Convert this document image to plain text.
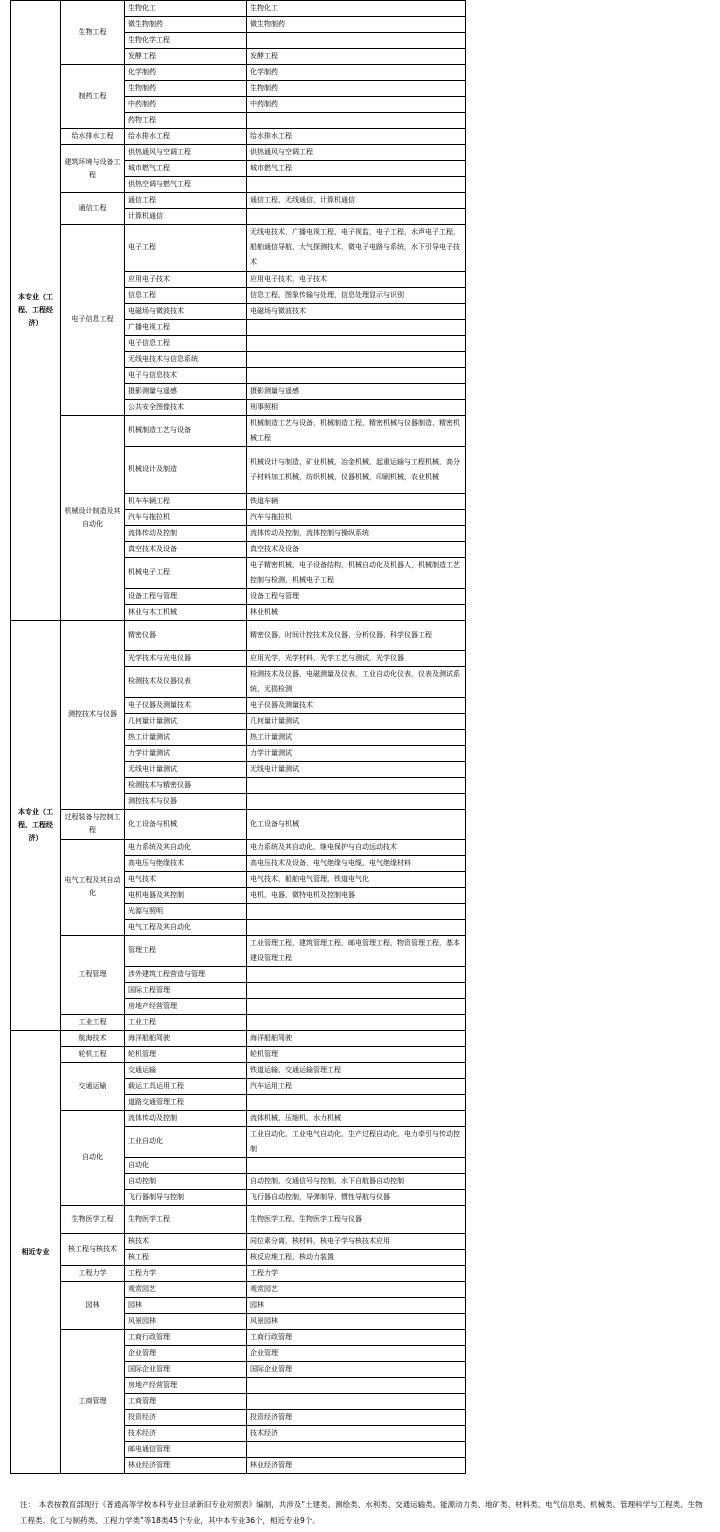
本专业（工程、工程经济）	生物工程	生物化工	生物化工
		微生物制药	微生物制药
		生物化学工程	
		发酵工程	发酵工程
	制药工程	化学制药	化学制药
		生物制药	生物制药
		中药制药	中药制药
		药物工程	
	给水排水工程	给水排水工程	给水排水工程
	建筑环境与设备工程	供热通风与空调工程	供热通风与空调工程
		城市燃气工程	城市燃气工程
		供热空调与燃气工程	
	通信工程	通信工程	通信工程，无线通信，计算机通信
		计算机通信	
	电子信息工程	电子工程	无线电技术，广播电视工程，电子视监，电子工程，水声电子工程，船舶通信导航，大气探测技术，微电子电路与系统，水下引导电子技术
		应用电子技术	应用电子技术，电子技术
		信息工程	信息工程，图象传输与处理，信息处理显示与识别
		电磁场与微波技术	电磁场与微波技术
		广播电视工程	
		电子信息工程	
		无线电技术与信息系统	
		电子与信息技术	
		摄影测量与遥感	摄影测量与遥感
		公共安全图像技术	刑事照相
	机械设计制造及其自动化	机械制造工艺与设备	机械制造工艺与设备，机械制造工程，精密机械与仪器制造，精密机械工程
		机械设计及制造	机械设计与制造，矿业机械，冶金机械，起重运输与工程机械，高分子材料加工机械，纺织机械，仪器机械，印刷机械，农业机械
		机车车辆工程	铁道车辆
		汽车与拖拉机	汽车与拖拉机
		流体传动及控制	流体传动及控制，流体控制与操纵系统
		真空技术及设备	真空技术及设备
		机械电子工程	电子精密机械，电子设备结构，机械自动化及机器人，机械制造工艺控制与检测，机械电子工程
		设备工程与管理	设备工程与管理
		林业与木工机械	林业机械
本专业（工程、工程经济）	测控技术与仪器	精密仪器	精密仪器，时间计控技术及仪器，分析仪器，科学仪器工程
		光学技术与光电仪器	应用光学，光学材料，光学工艺与测试，光学仪器
		检测技术及仪器仪表	检测技术及仪器，电磁测量及仪表，工业自动化仪表，仪表及测试系统，无损检测
		电子仪器及测量技术	电子仪器及测量技术
		几何量计量测试	几何量计量测试
		热工计量测试	热工计量测试
		力学计量测试	力学计量测试
		无线电计量测试	无线电计量测试
		检测技术与精密仪器	
		测控技术与仪器	
	过程装备与控制工程	化工设备与机械	化工设备与机械
	电气工程及其自动化	电力系统及其自动化	电力系统及其自动化，继电保护与自动远动技术
		高电压与绝缘技术	高电压技术及设备，电气绝缘与电缆，电气绝缘材料
		电气技术	电气技术，船舶电气管理，铁道电气化
		电机电器及其控制	电机，电器，微特电机及控制电器
		光源与照明	
		电气工程及其自动化	
	工程管理	管理工程	工业管理工程，建筑管理工程，邮电管理工程，物资管理工程，基本建设管理工程
		涉外建筑工程营造与管理	
		国际工程管理	
		房地产经营管理	
	工业工程	工业工程	
相近专业	航海技术	海洋船舶驾驶	海洋船舶驾驶
	轮机工程	轮机管理	轮机管理
	交通运输	交通运输	铁道运输，交通运输管理工程
		载运工具运用工程	汽车运用工程
		道路交通管理工程	
	自动化	流体传动及控制	流体机械，压缩机，水力机械
		工业自动化	工业自动化，工业电气自动化，生产过程自动化，电力牵引与传动控制
		自动化	
		自动控制	自动控制，交通信号与控制，水下自航器自动控制
		飞行器制导与控制	飞行器自动控制，导弹制导，惯性导航与仪器
	生物医学工程	生物医学工程	生物医学工程，生物医学工程与仪器
	核工程与核技术	核技术	同位素分离，核材料，核电子学与核技术应用
		核工程	核反应堆工程，核动力装置
	工程力学	工程力学	工程力学
	园林	观赏园艺	观赏园艺
		园林	园林
		风景园林	风景园林
	工商管理	工商行政管理	工商行政管理
		企业管理	企业管理
		国际企业管理	国际企业管理
		房地产经营管理	
		工商管理	
		投资经济	投资经济管理
		技术经济	技术经济
		邮电通信管理	
		林业经济管理	林业经济管理
注：　本表按教育部现行《普通高等学校本科专业目录新旧专业对照表》编制，共涉及“土建类、测绘类、水利类、交通运输类、能源动力类、地矿类、材料类、电气信息类、机械类、管理科学与工程类、生物工程类、化工与制药类、工程力学类”等18类45个专业，其中本专业36个，相近专业9个。
